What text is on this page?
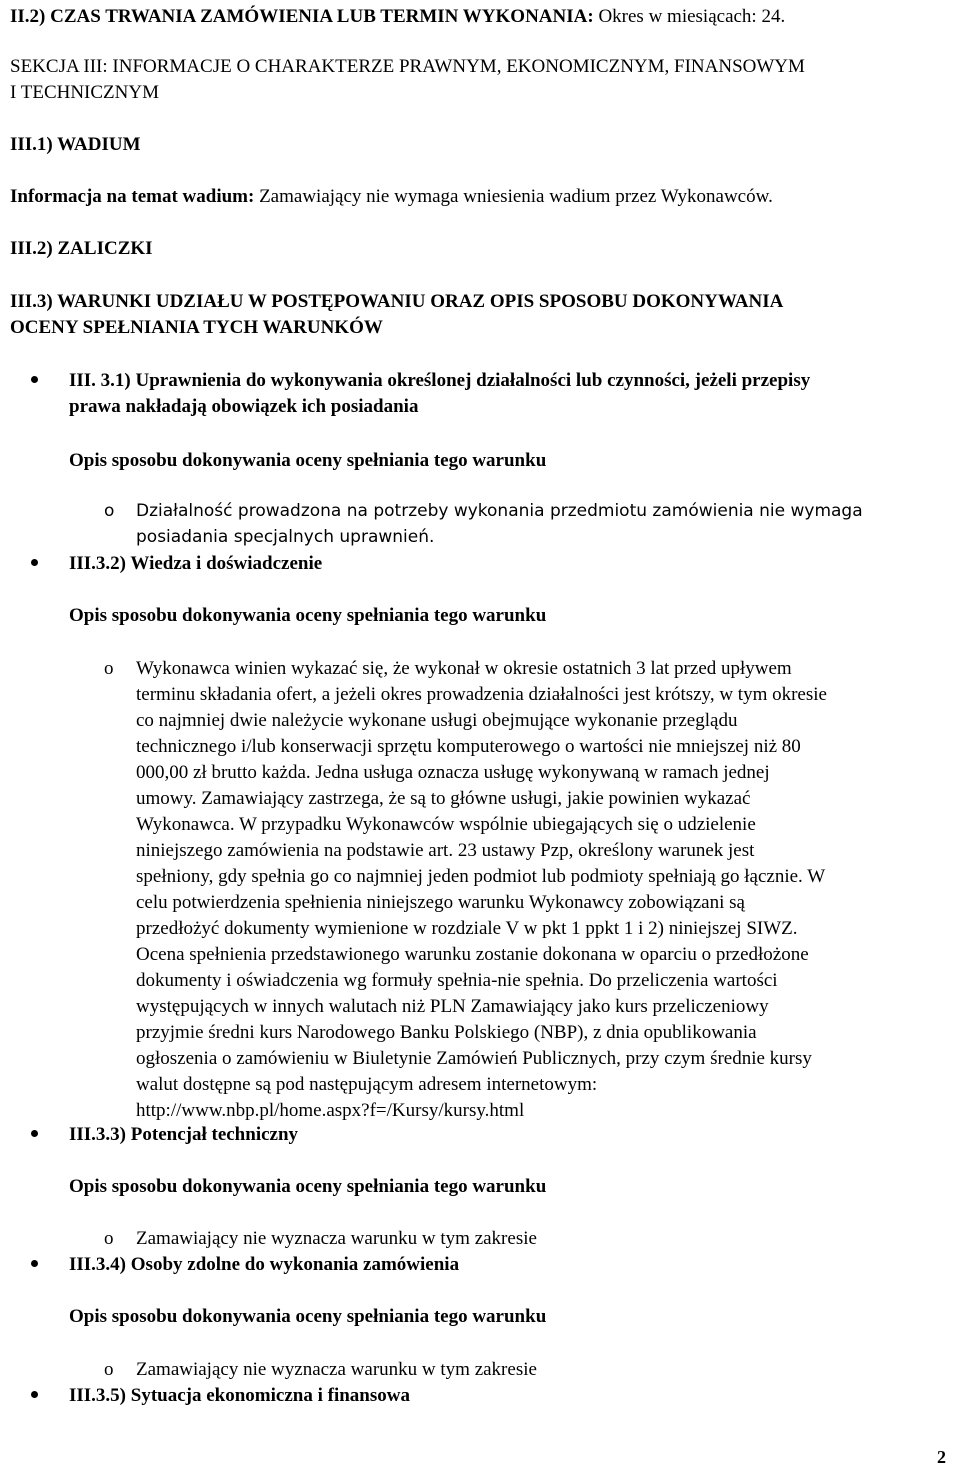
II.2) CZAS TRWANIA ZAMÓWIENIA LUB TERMIN WYKONANIA: Okres w miesiącach: 24.

SEKCJA III: INFORMACJE O CHARAKTERZE PRAWNYM, EKONOMICZNYM, FINANSOWYM

I TECHNICZNYM

III.1) WADIUM

Informacja na temat wadium: Zamawiający nie wymaga wniesienia wadium przez Wykonawców.

III.2) ZALICZKI

III.3) WARUNKI UDZIAŁU W POSTĘPOWANIU ORAZ OPIS SPOSOBU DOKONYWANIA

OCENY SPEŁNIANIA TYCH WARUNKÓW

III. 3.1) Uprawnienia do wykonywania określonej działalności lub czynności, jeżeli przepisy

prawa nakładają obowiązek ich posiadania

Opis sposobu dokonywania oceny spełniania tego warunku

o	Działalność prowadzona na potrzeby wykonania przedmiotu zamówienia nie wymaga

posiadania specjalnych uprawnień.

III.3.2) Wiedza i doświadczenie

Opis sposobu dokonywania oceny spełniania tego warunku

o	Wykonawca winien wykazać się, że wykonał w okresie ostatnich 3 lat przed upływem
terminu składania ofert, a jeżeli okres prowadzenia działalności jest krótszy, w tym okresie
co najmniej dwie należycie wykonane usługi obejmujące wykonanie przeglądu
technicznego i/lub konserwacji sprzętu komputerowego o wartości nie mniejszej niż 80
000,00 zł brutto każda. Jedna usługa oznacza usługę wykonywaną w ramach jednej
umowy. Zamawiający zastrzega, że są to główne usługi, jakie powinien wykazać
Wykonawca. W przypadku Wykonawców wspólnie ubiegających się o udzielenie
niniejszego zamówienia na podstawie art. 23 ustawy Pzp, określony warunek jest
spełniony, gdy spełnia go co najmniej jeden podmiot lub podmioty spełniają go łącznie. W
celu potwierdzenia spełnienia niniejszego warunku Wykonawcy zobowiązani są
przedłożyć dokumenty wymienione w rozdziale V w pkt 1 ppkt 1 i 2) niniejszej SIWZ.
Ocena spełnienia przedstawionego warunku zostanie dokonana w oparciu o przedłożone
dokumenty i oświadczenia wg formuły spełnia-nie spełnia. Do przeliczenia wartości
występujących w innych walutach niż PLN Zamawiający jako kurs przeliczeniowy
przyjmie średni kurs Narodowego Banku Polskiego (NBP), z dnia opublikowania
ogłoszenia o zamówieniu w Biuletynie Zamówień Publicznych, przy czym średnie kursy
walut dostępne są pod następującym adresem internetowym:
http://www.nbp.pl/home.aspx?f=/Kursy/kursy.html

III.3.3) Potencjał techniczny

Opis sposobu dokonywania oceny spełniania tego warunku

o	Zamawiający nie wyznacza warunku w tym zakresie

III.3.4) Osoby zdolne do wykonania zamówienia

Opis sposobu dokonywania oceny spełniania tego warunku

o	Zamawiający nie wyznacza warunku w tym zakresie

III.3.5) Sytuacja ekonomiczna i finansowa

2
